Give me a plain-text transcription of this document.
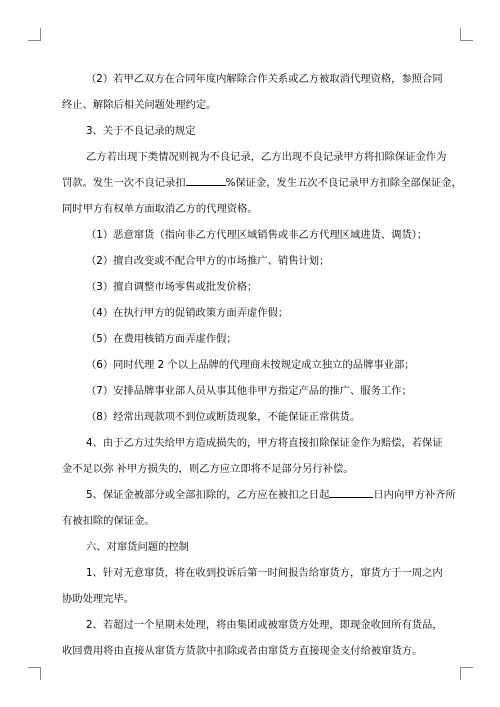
（2）若甲乙双方在合同年度内解除合作关系或乙方被取消代理资格，参照合同
终止、解除后相关问题处理约定。

3、关于不良记录的规定

乙方若出现下类情况则视为不良记录，乙方出现不良记录甲方将扣除保证金作为
罚款。发生一次不良记录扣	%保证金，发生五次不良记录甲方扣除全部保证金，
同时甲方有权单方面取消乙方的代理资格。

（1）恶意窜货（指向非乙方代理区域销售或非乙方代理区域进货、调货）；

（2）擅自改变或不配合甲方的市场推广、销售计划；

（3）擅自调整市场零售或批发价格；

（4）在执行甲方的促销政策方面弄虚作假；

（5）在费用核销方面弄虚作假；

（6）同时代理 2 个以上品牌的代理商未按规定成立独立的品牌事业部；

（7）安排品牌事业部人员从事其他非甲方指定产品的推广、服务工作；

（8）经常出现款项不到位或断货现象，不能保证正常供货。

4、由于乙方过失给甲方造成损失的，甲方将直接扣除保证金作为赔偿，若保证
金不足以弥 补甲方损失的，则乙方应立即将不足部分另行补偿。

5、保证金被部分或全部扣除的，乙方应在被扣之日起	日内向甲方补齐所
有被扣除的保证金。

六、对窜货问题的控制

1、针对无意窜货，将在收到投诉后第一时间报告给窜货方，窜货方于一周之内
协助处理完毕。

2、若超过一个星期未处理，将由集团或被窜货方处理，即现金收回所有货品，
收回费用将由直接从窜货方货款中扣除或者由窜货方直接现金支付给被窜货方。
